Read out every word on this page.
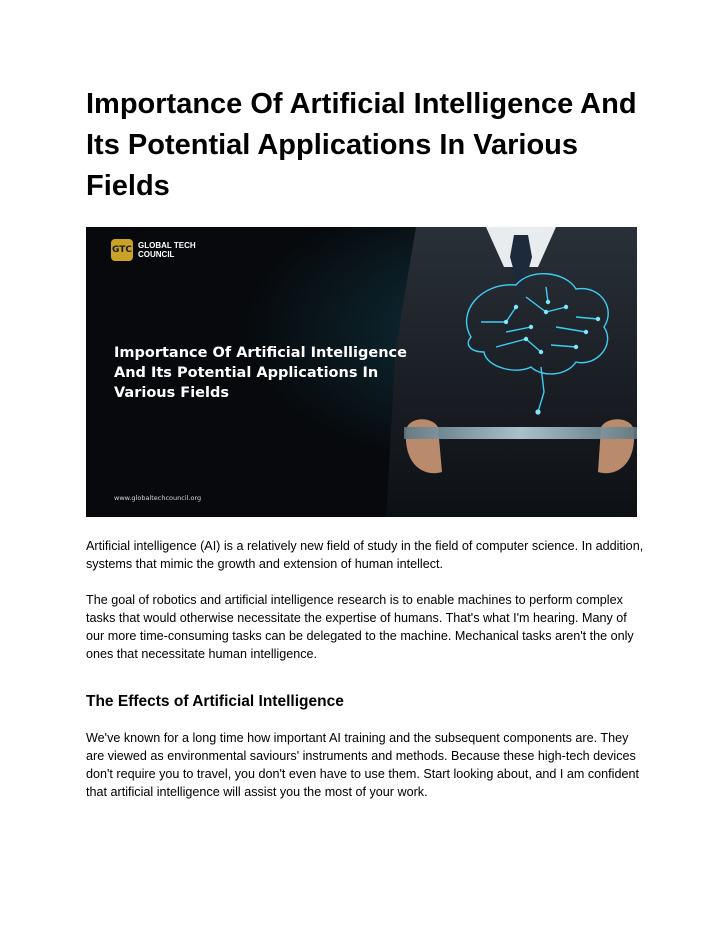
Importance Of Artificial Intelligence And Its Potential Applications In Various Fields
GTC GLOBAL TECH COUNCIL
Importance Of Artificial Intelligence And Its Potential Applications In Various Fields
www.globaltechcouncil.org

Artificial intelligence (AI) is a relatively new field of study in the field of computer science. In addition, systems that mimic the growth and extension of human intellect.

The goal of robotics and artificial intelligence research is to enable machines to perform complex tasks that would otherwise necessitate the expertise of humans. That's what I'm hearing. Many of our more time-consuming tasks can be delegated to the machine. Mechanical tasks aren't the only ones that necessitate human intelligence.

The Effects of Artificial Intelligence

We've known for a long time how important AI training and the subsequent components are. They are viewed as environmental saviours' instruments and methods. Because these high-tech devices don't require you to travel, you don't even have to use them. Start looking about, and I am confident that artificial intelligence will assist you the most of your work.
